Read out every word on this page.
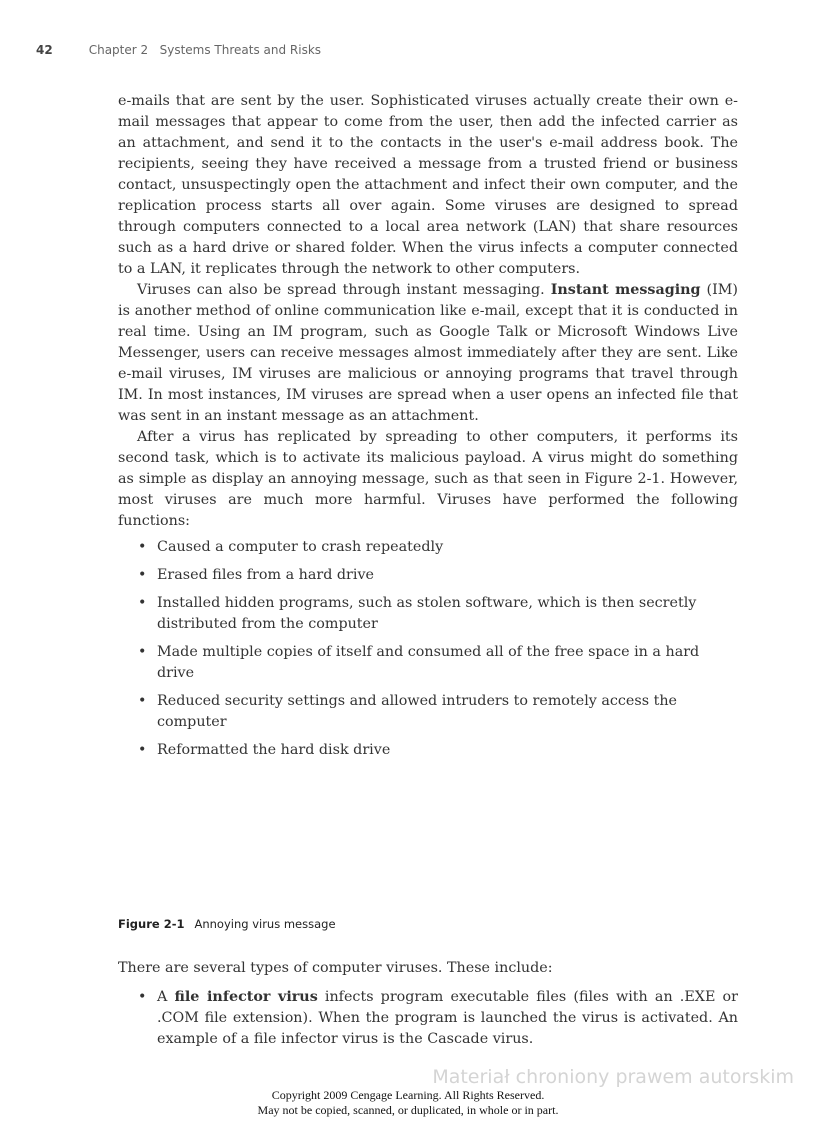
42	Chapter 2 Systems Threats and Risks

e-mails that are sent by the user. Sophisticated viruses actually create their own e-mail messages that appear to come from the user, then add the infected carrier as an attachment, and send it to the contacts in the user's e-mail address book. The recipients, seeing they have received a message from a trusted friend or business contact, unsuspectingly open the attachment and infect their own computer, and the replication process starts all over again. Some viruses are designed to spread through computers connected to a local area network (LAN) that share resources such as a hard drive or shared folder. When the virus infects a computer connected to a LAN, it replicates through the network to other computers.

Viruses can also be spread through instant messaging. Instant messaging (IM) is another method of online communication like e-mail, except that it is conducted in real time. Using an IM program, such as Google Talk or Microsoft Windows Live Messenger, users can receive messages almost immediately after they are sent. Like e-mail viruses, IM viruses are malicious or annoying programs that travel through IM. In most instances, IM viruses are spread when a user opens an infected file that was sent in an instant message as an attachment.

After a virus has replicated by spreading to other computers, it performs its second task, which is to activate its malicious payload. A virus might do something as simple as display an annoying message, such as that seen in Figure 2-1. However, most viruses are much more harmful. Viruses have performed the following functions:

• Caused a computer to crash repeatedly
• Erased files from a hard drive
• Installed hidden programs, such as stolen software, which is then secretly distributed from the computer
• Made multiple copies of itself and consumed all of the free space in a hard drive
• Reduced security settings and allowed intruders to remotely access the computer
• Reformatted the hard disk drive
Figure 2-1 Annoying virus message

There are several types of computer viruses. These include:

• A file infector virus infects program executable files (files with an .EXE or .COM file extension). When the program is launched the virus is activated. An example of a file infector virus is the Cascade virus.
Materiał chroniony prawem autorskim
Copyright 2009 Cengage Learning. All Rights Reserved.
May not be copied, scanned, or duplicated, in whole or in part.
